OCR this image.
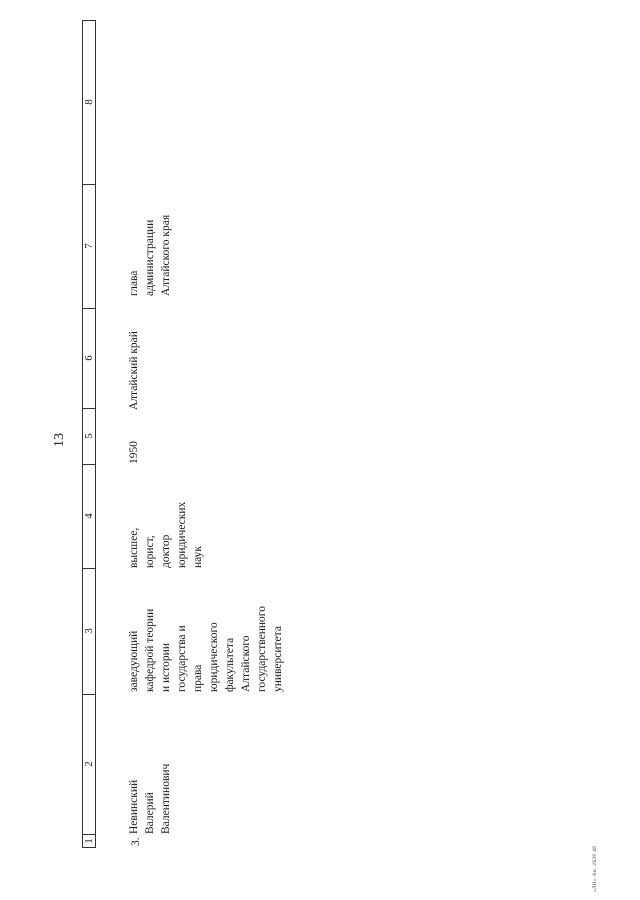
13
1
2
3
4
5
6
7
8
3.
Невинский
Валерий
Валентинович
заведующий
кафедрой теории
и истории
государства и
права
юридического
факультета
Алтайского
государственного
университета
высшее,
юрист,
доктор
юридических
наук
1950
Алтайский край
глава
администрации
Алтайского края
«ЛН» Ан. 2639 48
